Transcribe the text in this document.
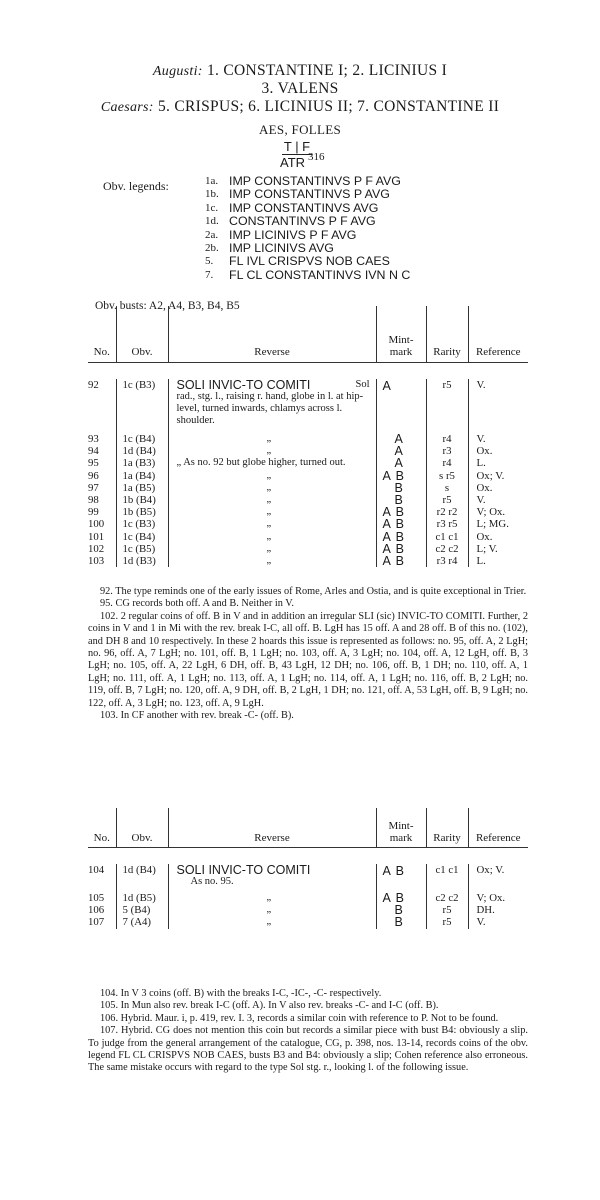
Augusti: 1. CONSTANTINE I; 2. LICINIUS I
3. VALENS
Caesars: 5. CRISPUS; 6. LICINIUS II; 7. CONSTANTINE II
AES, FOLLES
T | F
ATR 316
Obv. legends:	1a. IMP CONSTANTINVS P F AVG
1b. IMP CONSTANTINVS P AVG
1c. IMP CONSTANTINVS AVG
1d. CONSTANTINVS P F AVG
2a. IMP LICINIVS P F AVG
2b. IMP LICINIVS AVG
5.	FL IVL CRISPVS NOB CAES
7.	FL CL CONSTANTINVS IVN N C
Obv. busts: A2, A4, B3, B4, B5
No.	Obv.	Reverse	Mint-
mark	Rarity	Reference

92	1c (B3)	SOLI INVIC-TO COMITI Sol
rad., stg. l., raising r. hand, globe in l. at hip-level, turned inwards, chlamys across l. shoulder.	A	r5	V.
93	1c (B4)	„	A	r4	V.
94	1d (B4)	„	A	r3	Ox.
95	1a (B3)	„ As no. 92 but globe higher, turned out.	A	r4	L.
96	1a (B4)	„	A B	s r5	Ox; V.
97	1a (B5)	„	B	s	Ox.
98	1b (B4)	„	B	r5	V.
99	1b (B5)	„	A B	r2 r2	V; Ox.
100	1c (B3)	„	A B	r3 r5	L; MG.
101	1c (B4)	„	A B	c1 c1	Ox.
102	1c (B5)	„	A B	c2 c2	L; V.
103	1d (B3)	„	A B	r3 r4	L.

92. The type reminds one of the early issues of Rome, Arles and Ostia, and is quite exceptional in Trier.

95. CG records both off. A and B. Neither in V.

102. 2 regular coins of off. B in V and in addition an irregular SLI (sic) INVIC-TO COMITI. Further, 2 coins in V and 1 in Mi with the rev. break I-C, all off. B. LgH has 15 off. A and 28 off. B of this no. (102), and DH 8 and 10 respectively. In these 2 hoards this issue is represented as follows: no. 95, off. A, 2 LgH; no. 96, off. A, 7 LgH; no. 101, off. B, 1 LgH; no. 103, off. A, 3 LgH; no. 104, off. A, 12 LgH, off. B, 3 LgH; no. 105, off. A, 22 LgH, 6 DH, off. B, 43 LgH, 12 DH; no. 106, off. B, 1 DH; no. 110, off. A, 1 LgH; no. 111, off. A, 1 LgH; no. 113, off. A, 1 LgH; no. 114, off. A, 1 LgH; no. 116, off. B, 2 LgH; no. 119, off. B, 7 LgH; no. 120, off. A, 9 DH, off. B, 2 LgH, 1 DH; no. 121, off. A, 53 LgH, off. B, 9 LgH; no. 122, off. A, 3 LgH; no. 123, off. A, 9 LgH.

103. In CF another with rev. break -C- (off. B).

No.	Obv.	Reverse	Mint-
mark	Rarity	Reference

104	1d (B4)	SOLI INVIC-TO COMITI
As no. 95.	A B	c1 c1	Ox; V.
105	1d (B5)	„	A B	c2 c2	V; Ox.
106	5 (B4)	„	B	r5	DH.
107	7 (A4)	„	B	r5	V.

104. In V 3 coins (off. B) with the breaks I-C, -IC-, -C- respectively.

105. In Mun also rev. break I-C (off. A). In V also rev. breaks -C- and I-C (off. B).

106. Hybrid. Maur. i, p. 419, rev. I. 3, records a similar coin with reference to P. Not to be found.

107. Hybrid. CG does not mention this coin but records a similar piece with bust B4: obviously a slip. To judge from the general arrangement of the catalogue, CG, p. 398, nos. 13-14, records coins of the obv. legend FL CL CRISPVS NOB CAES, busts B3 and B4: obviously a slip; Cohen reference also erroneous. The same mistake occurs with regard to the type Sol stg. r., looking l. of the following issue.
